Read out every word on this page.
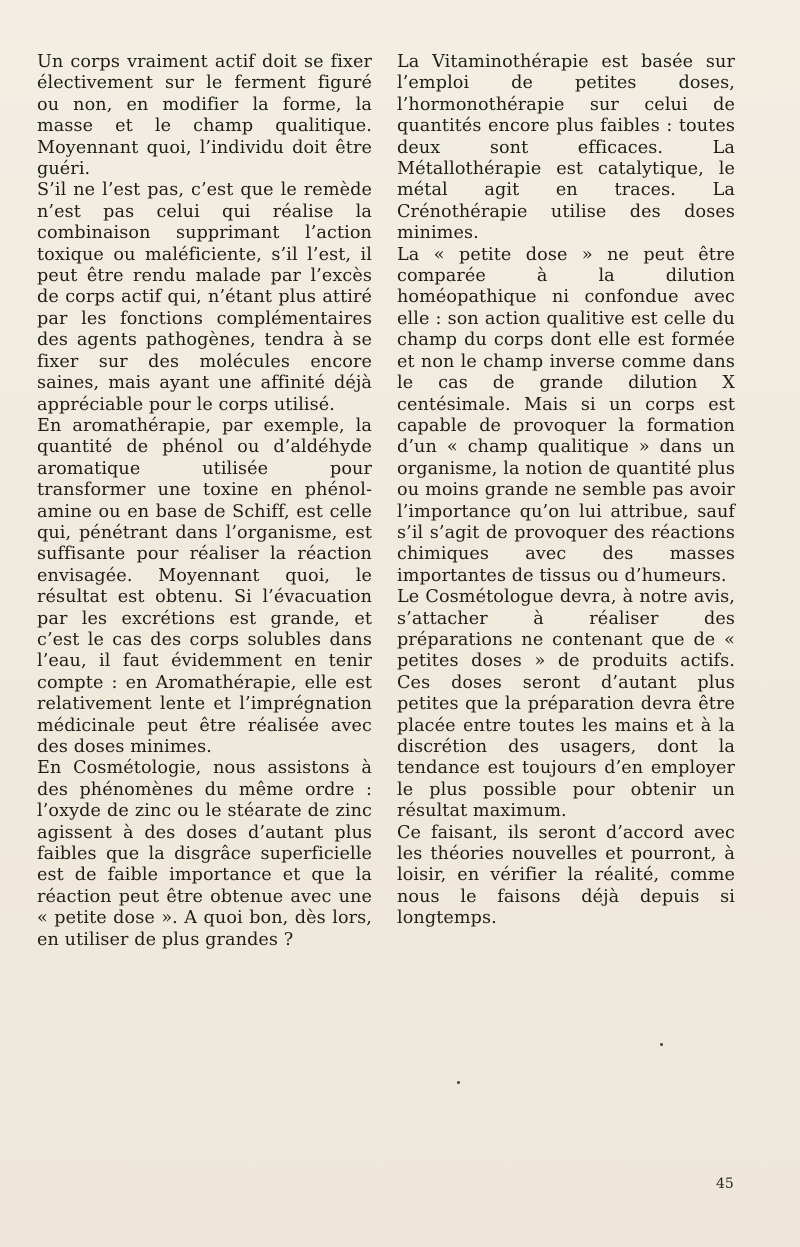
Un corps vraiment actif doit se fixer électivement sur le ferment figuré ou non, en modifier la forme, la masse et le champ qualitique. Moyennant quoi, l’individu doit être guéri.

S’il ne l’est pas, c’est que le remède n’est pas celui qui réalise la combinaison supprimant l’action toxique ou maléficiente, s’il l’est, il peut être rendu malade par l’excès de corps actif qui, n’étant plus attiré par les fonctions complémentaires des agents pathogènes, tendra à se fixer sur des molécules encore saines, mais ayant une affinité déjà appréciable pour le corps utilisé.

En aromathérapie, par exemple, la quantité de phénol ou d’aldéhyde aromatique utilisée pour transformer une toxine en phénol-amine ou en base de Schiff, est celle qui, pénétrant dans l’organisme, est suffisante pour réaliser la réaction envisagée. Moyennant quoi, le résultat est obtenu. Si l’évacuation par les excrétions est grande, et c’est le cas des corps solubles dans l’eau, il faut évidemment en tenir compte : en Aromathérapie, elle est relativement lente et l’imprégnation médicinale peut être réalisée avec des doses minimes.

En Cosmétologie, nous assistons à des phénomènes du même ordre : l’oxyde de zinc ou le stéarate de zinc agissent à des doses d’autant plus faibles que la disgrâce superficielle est de faible importance et que la réaction peut être obtenue avec une « petite dose ». A quoi bon, dès lors, en utiliser de plus grandes ?

La Vitaminothérapie est basée sur l’emploi de petites doses, l’hormonothérapie sur celui de quantités encore plus faibles : toutes deux sont efficaces. La Métallothérapie est catalytique, le métal agit en traces. La Crénothérapie utilise des doses minimes.

La « petite dose » ne peut être comparée à la dilution homéopathique ni confondue avec elle : son action qualitive est celle du champ du corps dont elle est formée et non le champ inverse comme dans le cas de grande dilution X centésimale. Mais si un corps est capable de provoquer la formation d’un « champ qualitique » dans un organisme, la notion de quantité plus ou moins grande ne semble pas avoir l’importance qu’on lui attribue, sauf s’il s’agit de provoquer des réactions chimiques avec des masses importantes de tissus ou d’humeurs.

Le Cosmétologue devra, à notre avis, s’attacher à réaliser des préparations ne contenant que de « petites doses » de produits actifs. Ces doses seront d’autant plus petites que la préparation devra être placée entre toutes les mains et à la discrétion des usagers, dont la tendance est toujours d’en employer le plus possible pour obtenir un résultat maximum.

Ce faisant, ils seront d’accord avec les théories nouvelles et pourront, à loisir, en vérifier la réalité, comme nous le faisons déjà depuis si longtemps.

45
